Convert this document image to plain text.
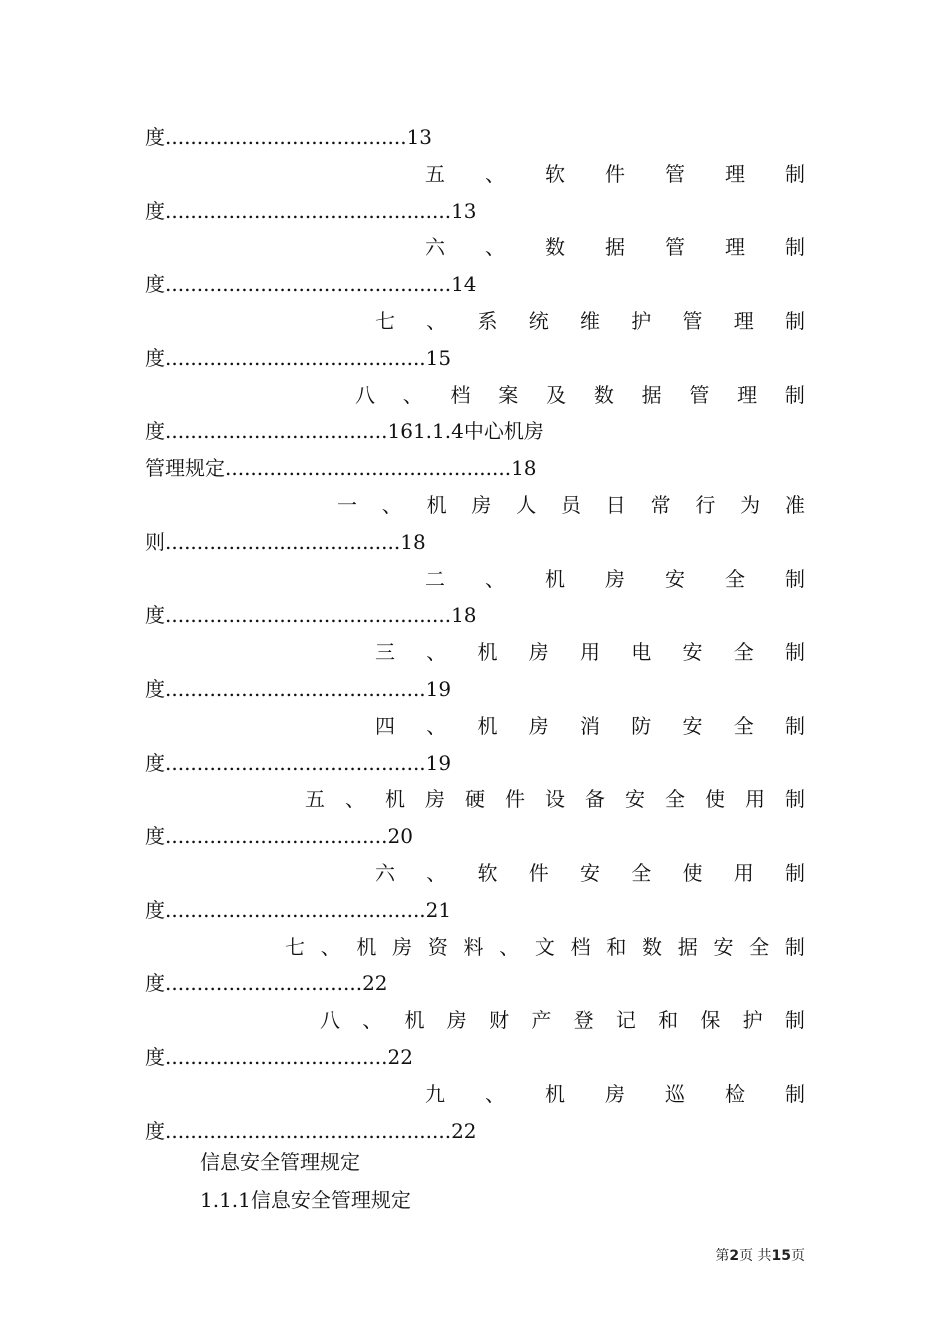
度......................................13
五 、 软 件 管 理 制
度.............................................13
六 、 数 据 管 理 制
度.............................................14
七 、 系 统 维 护 管 理 制
度.........................................15
八 、 档 案 及 数 据 管 理 制
度...................................161.1.4中心机房
管理规定.............................................18
一 、 机 房 人 员 日 常 行 为 准
则.....................................18
二 、 机 房 安 全 制
度.............................................18
三 、 机 房 用 电 安 全 制
度.........................................19
四 、 机 房 消 防 安 全 制
度.........................................19
五 、 机 房 硬 件 设 备 安 全 使 用 制
度...................................20
六 、 软 件 安 全 使 用 制
度.........................................21
七 、 机 房 资 料 、 文 档 和 数 据 安 全 制
度...............................22
八 、 机 房 财 产 登 记 和 保 护 制
度...................................22
九 、 机 房 巡 检 制
度.............................................22
信息安全管理规定
1.1.1信息安全管理规定
第2页 共15页
